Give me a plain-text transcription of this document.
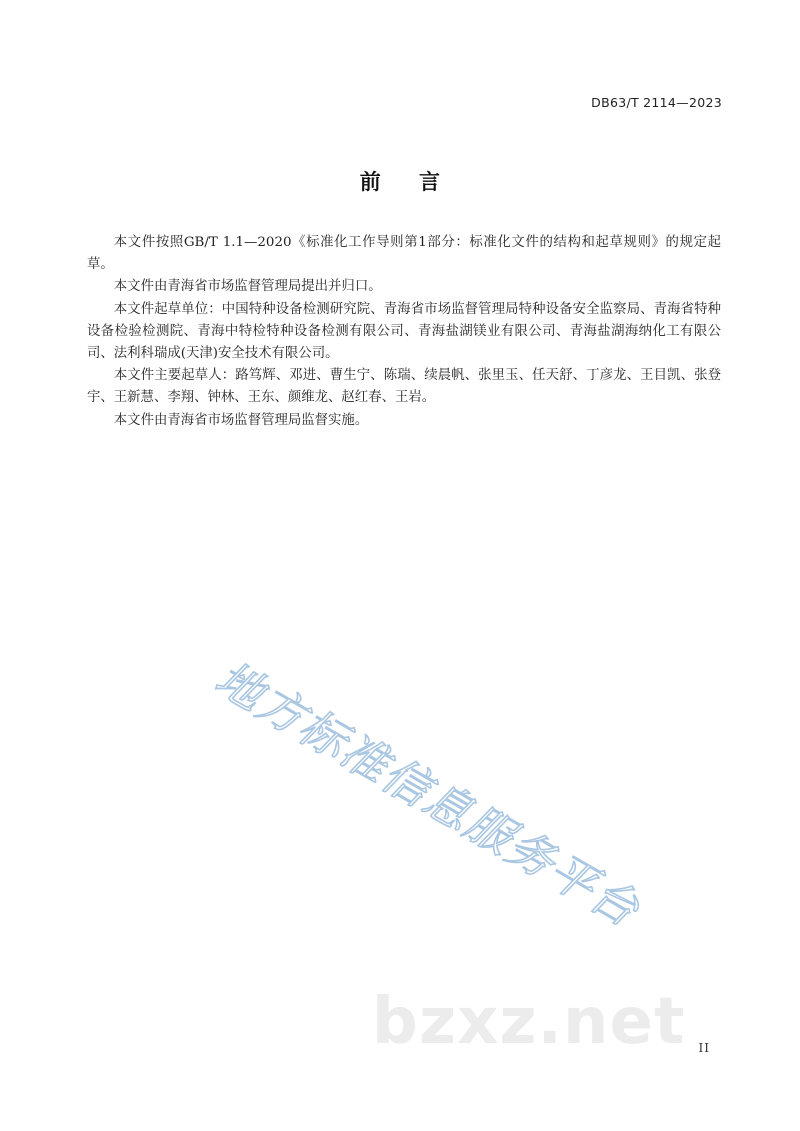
DB63/T 2114—2023
前 言

本文件按照GB/T 1.1—2020《标准化工作导则第1部分：标准化文件的结构和起草规则》的规定起草。

本文件由青海省市场监督管理局提出并归口。

本文件起草单位：中国特种设备检测研究院、青海省市场监督管理局特种设备安全监察局、青海省特种设备检验检测院、青海中特检特种设备检测有限公司、青海盐湖镁业有限公司、青海盐湖海纳化工有限公司、法利科瑞成(天津)安全技术有限公司。

本文件主要起草人：路笃辉、邓进、曹生宁、陈瑞、续晨帆、张里玉、任天舒、丁彦龙、王目凯、张登宇、王新慧、李翔、钟林、王东、颜维龙、赵红春、王岩。

本文件由青海省市场监督管理局监督实施。

地方标准信息服务平台
bzxz.net II
